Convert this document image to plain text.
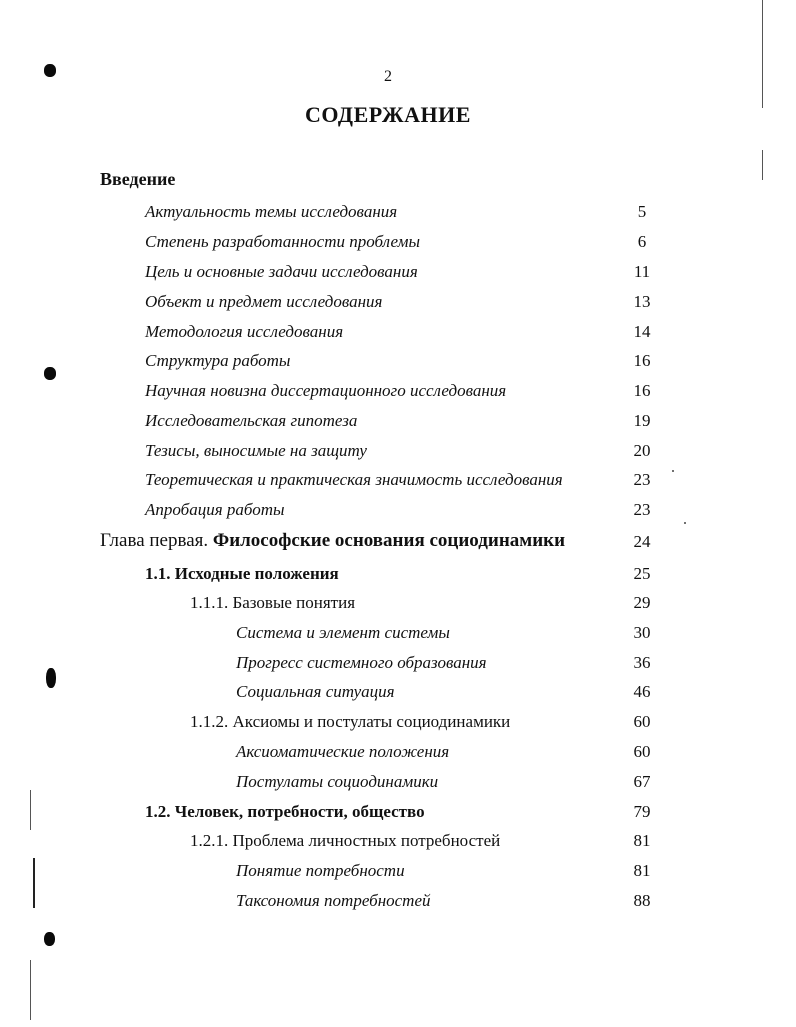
2
СОДЕРЖАНИЕ
Введение
Актуальность темы исследования	5
Степень разработанности проблемы	6
Цель и основные задачи исследования	11
Объект и предмет исследования	13
Методология исследования	14
Структура работы	16
Научная новизна диссертационного исследования	16
Исследовательская гипотеза	19
Тезисы, выносимые на защиту	20
Теоретическая и практическая значимость исследования	23
Апробация работы	23
Глава первая. Философские основания социодинамики	24
1.1. Исходные положения	25
1.1.1. Базовые понятия	29
Система и элемент системы	30
Прогресс системного образования	36
Социальная ситуация	46
1.1.2. Аксиомы и постулаты социодинамики	60
Аксиоматические положения	60
Постулаты социодинамики	67
1.2. Человек, потребности, общество	79
1.2.1. Проблема личностных потребностей	81
Понятие потребности	81
Таксономия потребностей	88
